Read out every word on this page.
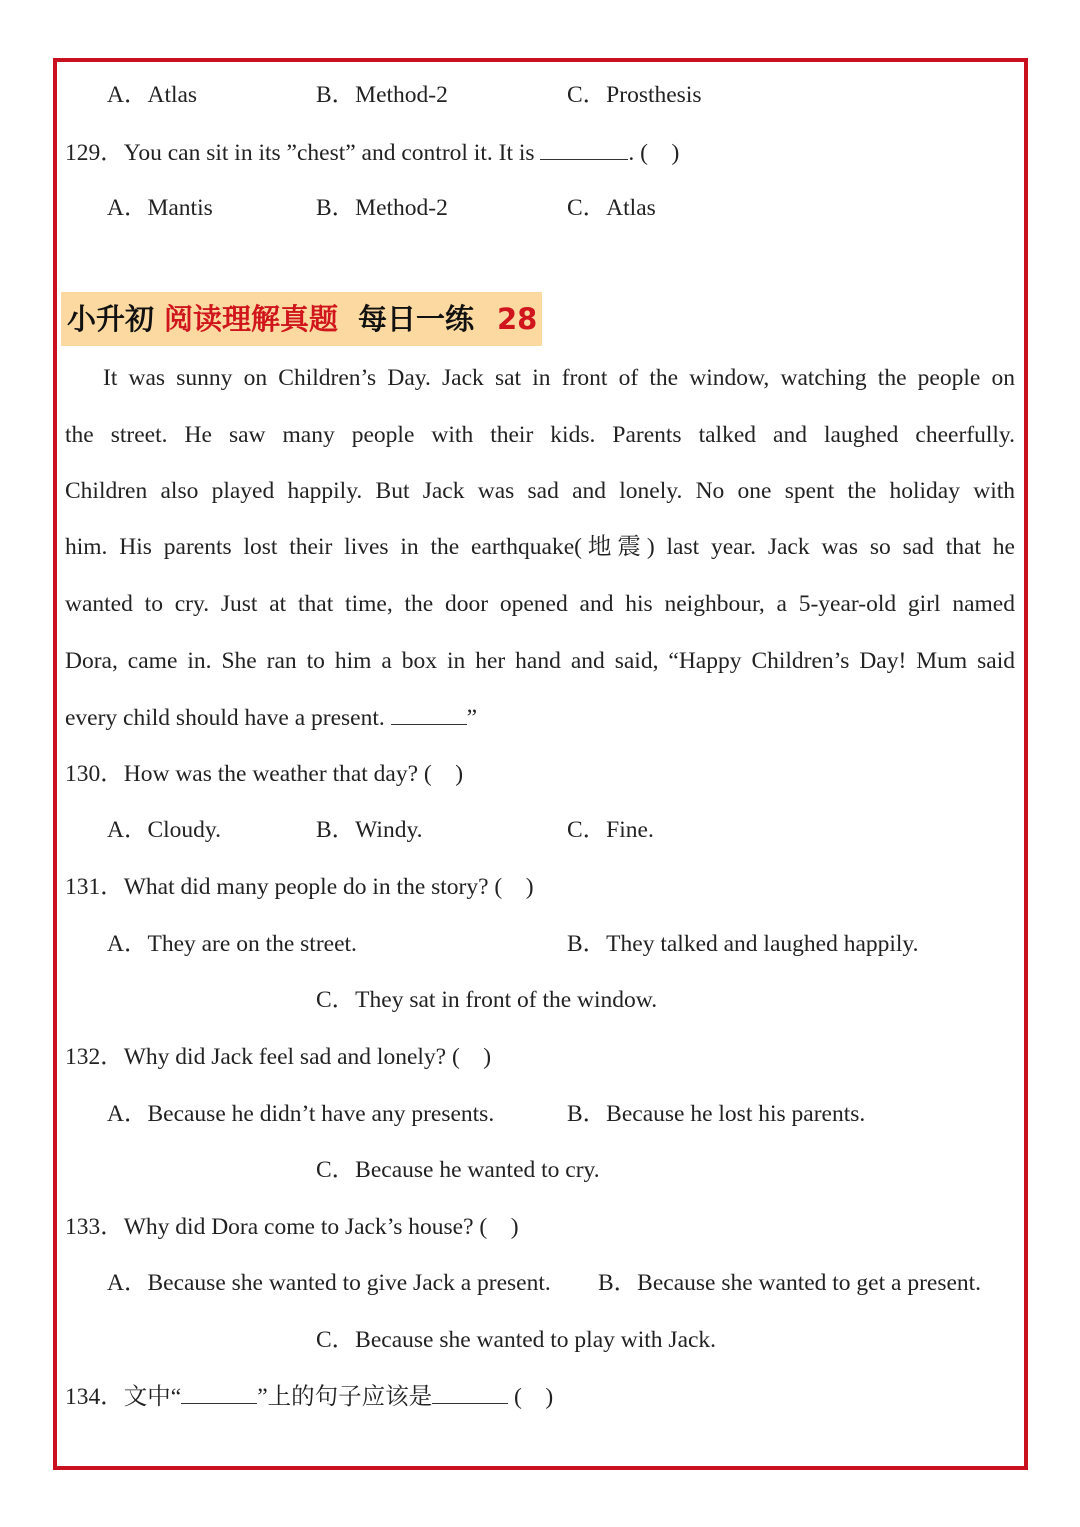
A．Atlas	B．Method-2	C．Prosthesis
129．You can sit in its ”chest” and control it. It is	. (　)
A．Mantis	B．Method-2	C．Atlas
小升初 阅读理解真题 每日一练 28
It was sunny on Children’s Day. Jack sat in front of the window, watching the people on
the street. He saw many people with their kids. Parents talked and laughed cheerfully.
Children also played happily. But Jack was sad and lonely. No one spent the holiday with
him. His parents lost their lives in the earthquake(地震) last year. Jack was so sad that he
wanted to cry. Just at that time, the door opened and his neighbour, a 5-year-old girl named
Dora, came in. She ran to him a box in her hand and said, “Happy Children’s Day! Mum said
every child should have a present.	”
130．How was the weather that day? (　)
A．Cloudy.	B．Windy.	C．Fine.
131．What did many people do in the story? (　)
A．They are on the street.	B．They talked and laughed happily.
C．They sat in front of the window.
132．Why did Jack feel sad and lonely? (　)
A．Because he didn’t have any presents.	B．Because he lost his parents.
C．Because he wanted to cry.
133．Why did Dora come to Jack’s house? (　)
A．Because she wanted to give Jack a present. B．Because she wanted to get a present.
C．Because she wanted to play with Jack.
134．文中“	”上的句子应该是	(　)
